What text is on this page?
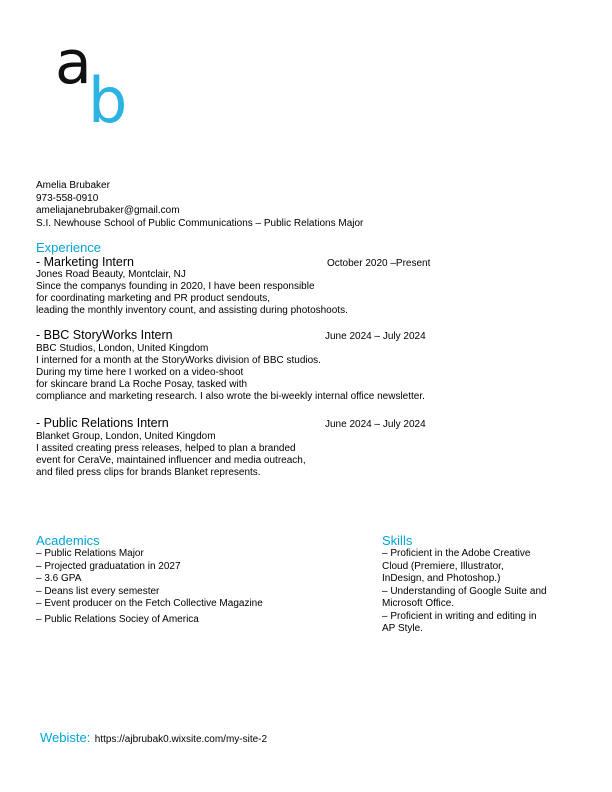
a
b
Amelia Brubaker
973-558-0910
ameliajanebrubaker@gmail.com
S.I. Newhouse School of Public Communications – Public Relations Major
Experience
- Marketing Intern	October 2020 –Present
Jones Road Beauty, Montclair, NJ
Since the companys founding in 2020, I have been responsible
for coordinating marketing and PR product sendouts,
leading the monthly inventory count, and assisting during photoshoots.
- BBC StoryWorks Intern	June 2024 – July 2024
BBC Studios, London, United Kingdom
I interned for a month at the StoryWorks division of BBC studios.
During my time here I worked on a video-shoot
for skincare brand La Roche Posay, tasked with
compliance and marketing research. I also wrote the bi-weekly internal office newsletter.
- Public Relations Intern	June 2024 – July 2024
Blanket Group, London, United Kingdom
I assited creating press releases, helped to plan a branded
event for CeraVe, maintained influencer and media outreach,
and filed press clips for brands Blanket represents.
Academics
– Public Relations Major
– Projected graduatation in 2027
– 3.6 GPA
– Deans list every semester
– Event producer on the Fetch Collective Magazine
– Public Relations Sociey of America
Skills
– Proficient in the Adobe Creative
Cloud (Premiere, Illustrator,
InDesign, and Photoshop.)
– Understanding of Google Suite and
Microsoft Office.
– Proficient in writing and editing in
AP Style.
Webiste: https://ajbrubak0.wixsite.com/my-site-2
